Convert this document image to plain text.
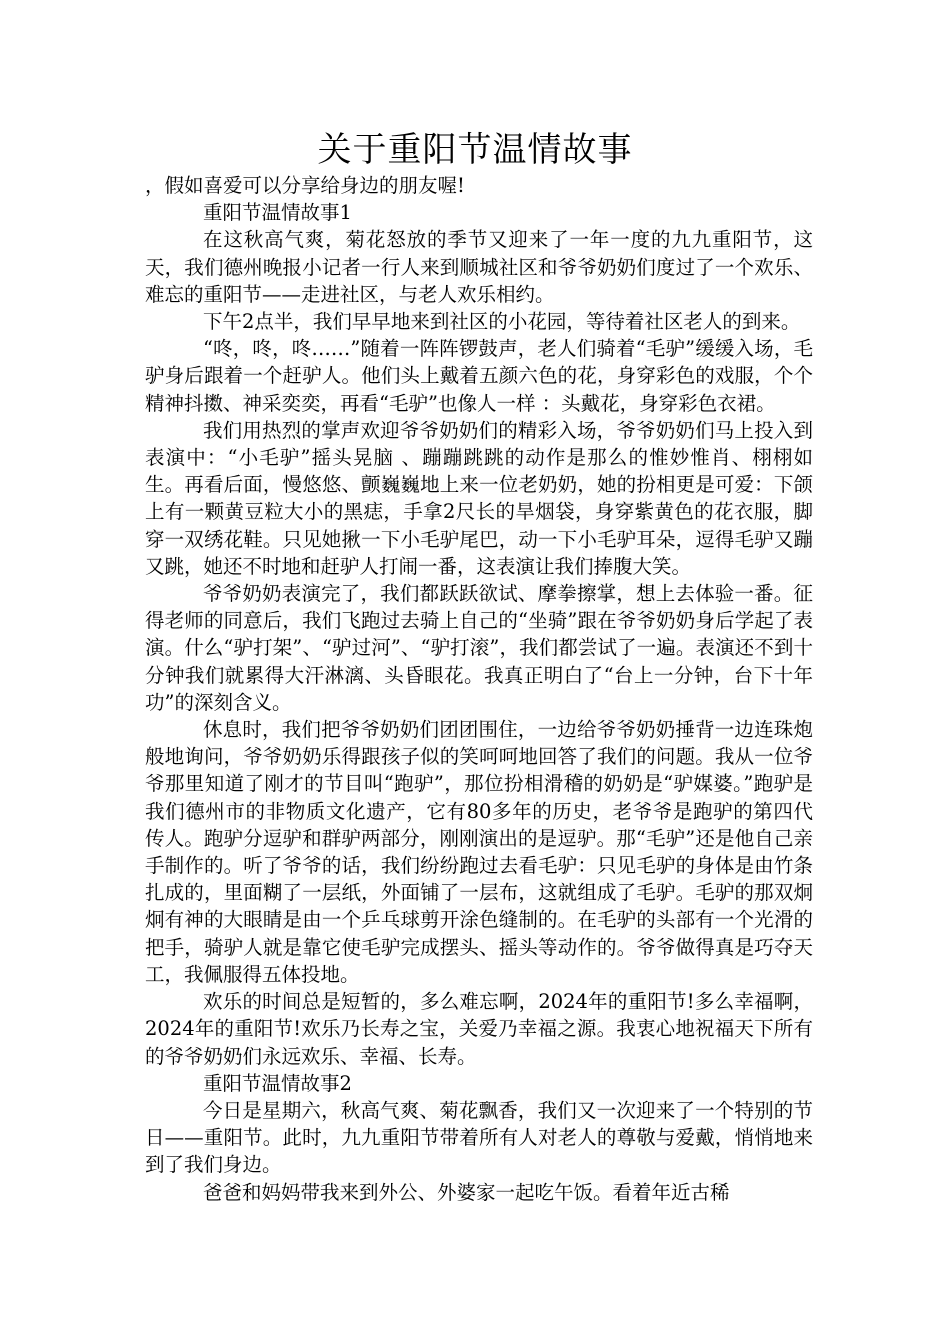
关于重阳节温情故事

，假如喜爱可以分享给身边的朋友喔!

重阳节温情故事1

在这秋高气爽，菊花怒放的季节又迎来了一年一度的九九重阳节，这天，我们德州晚报小记者一行人来到顺城社区和爷爷奶奶们度过了一个欢乐、难忘的重阳节——走进社区，与老人欢乐相约。

下午2点半，我们早早地来到社区的小花园，等待着社区老人的到来。

“咚，咚，咚……”随着一阵阵锣鼓声，老人们骑着“毛驴”缓缓入场，毛驴身后跟着一个赶驴人。他们头上戴着五颜六色的花，身穿彩色的戏服，个个精神抖擞、神采奕奕，再看“毛驴”也像人一样 ：头戴花，身穿彩色衣裙。

我们用热烈的掌声欢迎爷爷奶奶们的精彩入场，爷爷奶奶们马上投入到表演中：“小毛驴”摇头晃脑 、蹦蹦跳跳的动作是那么的惟妙惟肖、栩栩如生。再看后面，慢悠悠、颤巍巍地上来一位老奶奶，她的扮相更是可爱：下颌上有一颗黄豆粒大小的黑痣，手拿2尺长的旱烟袋，身穿紫黄色的花衣服，脚穿一双绣花鞋。只见她揪一下小毛驴尾巴，动一下小毛驴耳朵，逗得毛驴又蹦又跳，她还不时地和赶驴人打闹一番，这表演让我们捧腹大笑。

爷爷奶奶表演完了，我们都跃跃欲试、摩拳擦掌，想上去体验一番。征得老师的同意后，我们飞跑过去骑上自己的“坐骑”跟在爷爷奶奶身后学起了表演。什么“驴打架”、“驴过河”、“驴打滚”，我们都尝试了一遍。表演还不到十分钟我们就累得大汗淋漓、头昏眼花。我真正明白了“台上一分钟，台下十年功”的深刻含义。

休息时，我们把爷爷奶奶们团团围住，一边给爷爷奶奶捶背一边连珠炮般地询问，爷爷奶奶乐得跟孩子似的笑呵呵地回答了我们的问题。我从一位爷爷那里知道了刚才的节目叫“跑驴”，那位扮相滑稽的奶奶是“驴媒婆。”跑驴是我们德州市的非物质文化遗产，它有80多年的历史，老爷爷是跑驴的第四代传人。跑驴分逗驴和群驴两部分，刚刚演出的是逗驴。那“毛驴”还是他自己亲手制作的。听了爷爷的话，我们纷纷跑过去看毛驴：只见毛驴的身体是由竹条扎成的，里面糊了一层纸，外面铺了一层布，这就组成了毛驴。毛驴的那双炯炯有神的大眼睛是由一个乒乓球剪开涂色缝制的。在毛驴的头部有一个光滑的把手，骑驴人就是靠它使毛驴完成摆头、摇头等动作的。爷爷做得真是巧夺天工，我佩服得五体投地。

欢乐的时间总是短暂的，多么难忘啊，2024年的重阳节!多么幸福啊，2024年的重阳节!欢乐乃长寿之宝，关爱乃幸福之源。我衷心地祝福天下所有的爷爷奶奶们永远欢乐、幸福、长寿。

重阳节温情故事2

今日是星期六，秋高气爽、菊花飘香，我们又一次迎来了一个特别的节日——重阳节。此时，九九重阳节带着所有人对老人的尊敬与爱戴，悄悄地来到了我们身边。

爸爸和妈妈带我来到外公、外婆家一起吃午饭。看着年近古稀
